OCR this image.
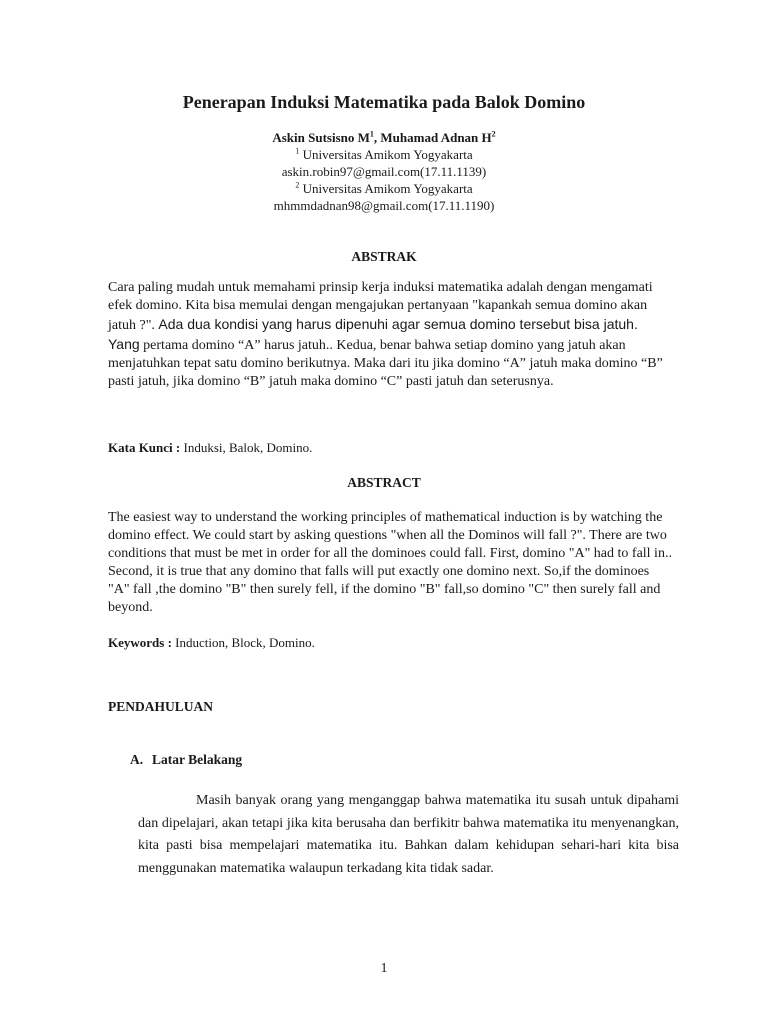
Penerapan Induksi Matematika pada Balok Domino
Askin Sutsisno $M^1$, Muhamad Adnan $H^2$
$^1$ Universitas Amikom Yogyakarta
askin.robin97@gmail.com(17.11.1139)
$^2$ Universitas Amikom Yogyakarta
mhmmdadnan98@gmail.com(17.11.1190)
ABSTRAK

Cara paling mudah untuk memahami prinsip kerja induksi matematika adalah dengan mengamati efek domino. Kita bisa memulai dengan mengajukan pertanyaan "kapankah semua domino akan jatuh ?". Ada dua kondisi yang harus dipenuhi agar semua domino tersebut bisa jatuh. Yang pertama domino “A” harus jatuh.. Kedua, benar bahwa setiap domino yang jatuh akan menjatuhkan tepat satu domino berikutnya. Maka dari itu jika domino “A” jatuh maka domino “B” pasti jatuh, jika domino “B” jatuh maka domino “C” pasti jatuh dan seterusnya.

Kata Kunci : Induksi, Balok, Domino.

ABSTRACT

The easiest way to understand the working principles of mathematical induction is by watching the domino effect. We could start by asking questions "when all the Dominos will fall ?". There are two conditions that must be met in order for all the dominoes could fall. First, domino "A" had to fall in.. Second, it is true that any domino that falls will put exactly one domino next. So,if the dominoes "A" fall ,the domino "B" then surely fell, if the domino "B" fall,so domino "C" then surely fall and beyond.

Keywords : Induction, Block, Domino.

PENDAHULUAN
A. Latar Belakang

Masih banyak orang yang menganggap bahwa matematika itu susah untuk dipahami dan dipelajari, akan tetapi jika kita berusaha dan berfikitr bahwa matematika itu menyenangkan, kita pasti bisa mempelajari matematika itu. Bahkan dalam kehidupan sehari-hari kita bisa menggunakan matematika walaupun terkadang kita tidak sadar.

1
